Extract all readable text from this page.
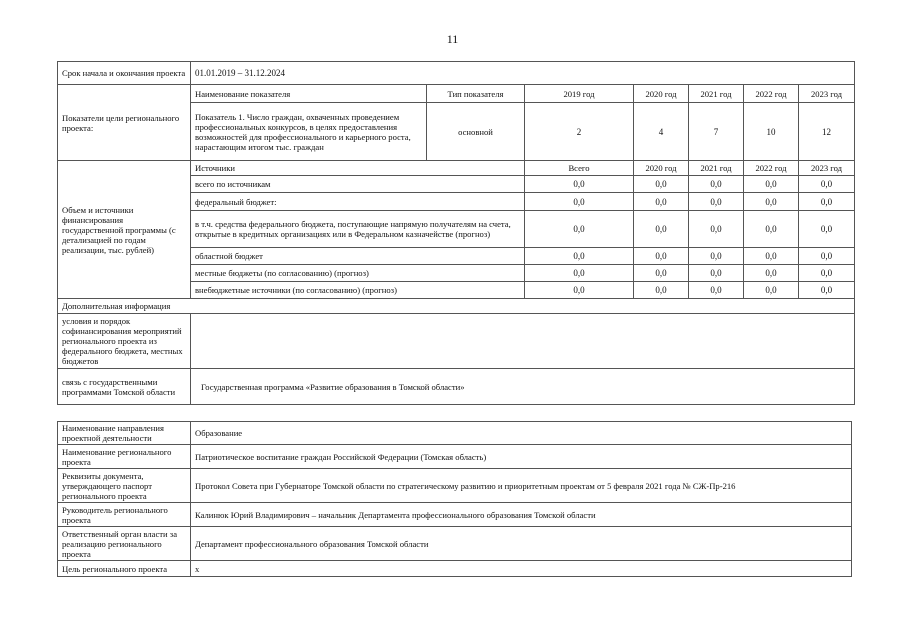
11
Срок начала и окончания проекта	01.01.2019 – 31.12.2024							
Показатели цели регионального проекта:	Наименование показателя	Тип показателя	2019 год	2020 год	2021 год	2022 год	2023 год	
	Показатель 1. Число граждан, охваченных проведением профессиональных конкурсов, в целях предоставления возможностей для профессионального и карьерного роста, нарастающим итогом тыс. граждан	основной	2	4	7	10	12	
Объем и источники финансирования государственной программы (с детализацией по годам реализации, тыс. рублей)	Источники		Всего	2020 год	2021 год	2022 год	2023 год
	всего по источникам		0,0	0,0	0,0	0,0	0,0	
	федеральный бюджет:		0,0	0,0	0,0	0,0	0,0	
	в т.ч. средства федерального бюджета, поступающие напрямую получателям на счета, открытые в кредитных организациях или в Федеральном казначействе (прогноз)		0,0	0,0	0,0	0,0	0,0	
	областной бюджет		0,0	0,0	0,0	0,0	0,0	
	местные бюджеты (по согласованию) (прогноз)		0,0	0,0	0,0	0,0	0,0	
	внебюджетные источники (по согласованию) (прогноз)		0,0	0,0	0,0	0,0	0,0	
Дополнительная информация								
условия и порядок софинансирования мероприятий регионального проекта из федерального бюджета, местных бюджетов								
связь с государственными программами Томской области	Государственная программа «Развитие образования в Томской области»							
Наименование направления проектной деятельности	Образование
Наименование регионального проекта	Патриотическое воспитание граждан Российской Федерации (Томская область)
Реквизиты документа, утверждающего паспорт регионального проекта	Протокол Совета при Губернаторе Томской области по стратегическому развитию и приоритетным проектам от 5 февраля 2021 года № СЖ-Пр-216
Руководитель регионального проекта	Калинюк Юрий Владимирович – начальник Департамента профессионального образования Томской области
Ответственный орган власти за реализацию регионального проекта	Департамент профессионального образования Томской области
Цель регионального проекта	х
